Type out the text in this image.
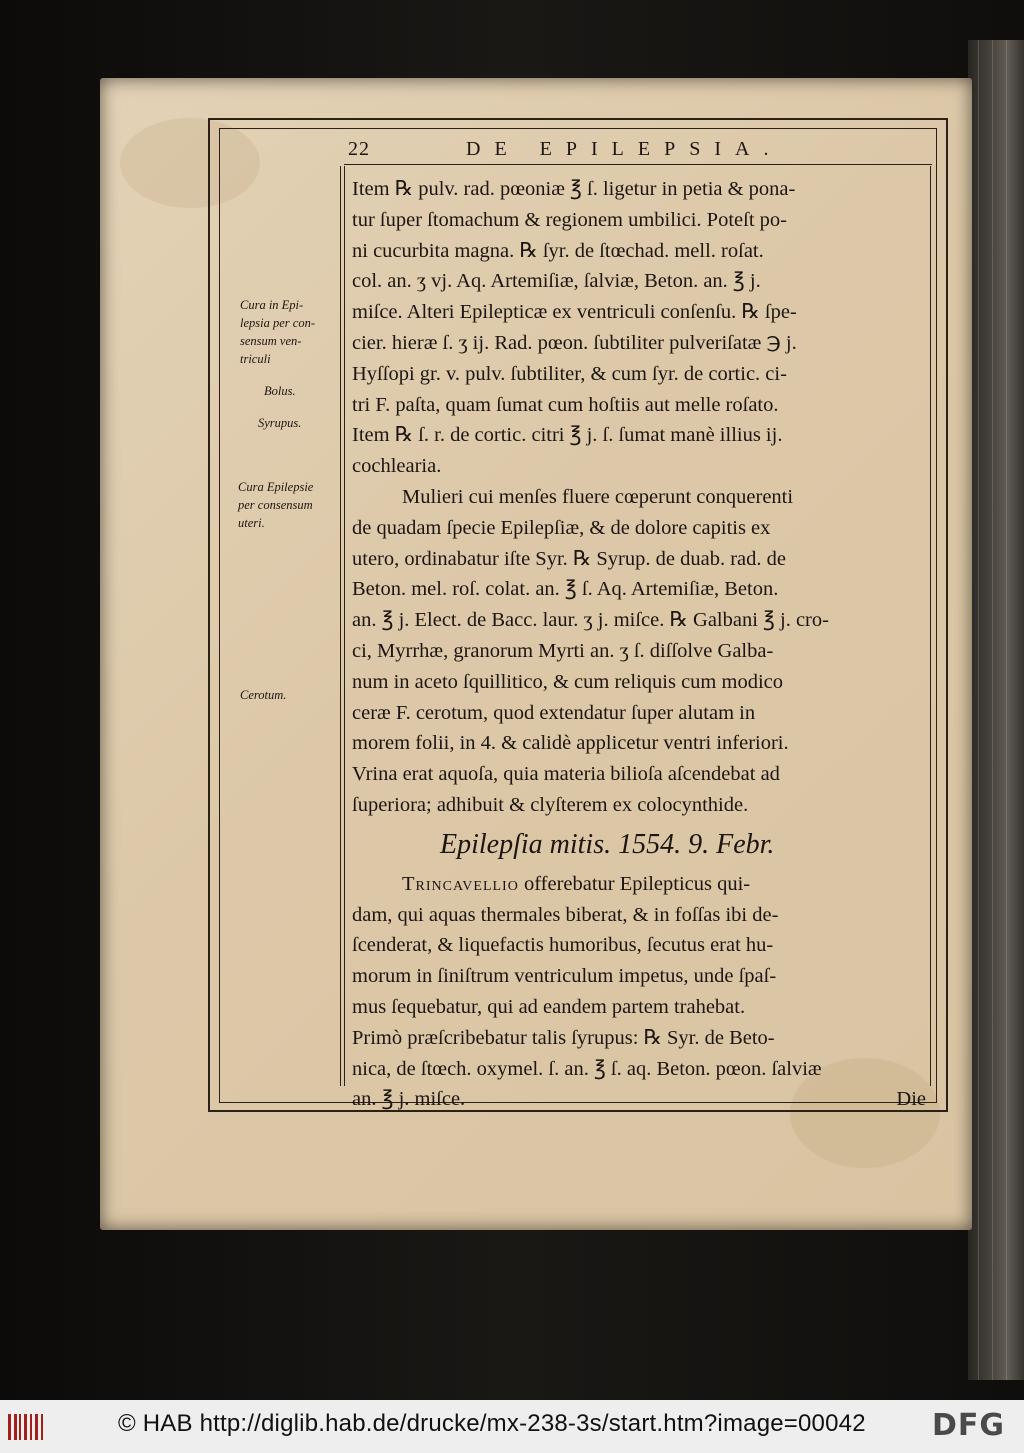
22	DE EPILEPSIA.
Cura in Epi-
lepsia per con-
sensum ven-
triculi
Bolus.
Syrupus.
Cura Epilepsie
per consensum
uteri.
Cerotum.
Item ℞ pulv. rad. pœoniæ ℥ ſ. ligetur in petia & pona-
tur ſuper ſtomachum & regionem umbilici. Poteſt po-
ni cucurbita magna. ℞ ſyr. de ſtœchad. mell. roſat.
col. an. ʒ vj. Aq. Artemiſiæ, ſalviæ, Beton. an. ℥ j.
miſce. Alteri Epilepticæ ex ventriculi conſenſu. ℞ ſpe-
cier. hieræ ſ. ʒ ij. Rad. pœon. ſubtiliter pulveriſatæ ℈ j.
Hyſſopi gr. v. pulv. ſubtiliter, & cum ſyr. de cortic. ci-
tri F. paſta, quam ſumat cum hoſtiis aut melle roſato.
Item ℞ ſ. r. de cortic. citri ℥ j. ſ. ſumat manè illius ij.
cochlearia.
Mulieri cui menſes fluere cœperunt conquerenti
de quadam ſpecie Epilepſiæ, & de dolore capitis ex
utero, ordinabatur iſte Syr. ℞ Syrup. de duab. rad. de
Beton. mel. roſ. colat. an. ℥ ſ. Aq. Artemiſiæ, Beton.
an. ℥ j. Elect. de Bacc. laur. ʒ j. miſce. ℞ Galbani ℥ j. cro-
ci, Myrrhæ, granorum Myrti an. ʒ ſ. diſſolve Galba-
num in aceto ſquillitico, & cum reliquis cum modico
ceræ F. cerotum, quod extendatur ſuper alutam in
morem folii, in 4. & calidè applicetur ventri inferiori.
Vrina erat aquoſa, quia materia bilioſa aſcendebat ad
ſuperiora; adhibuit & clyſterem ex colocynthide.
Epilepſia mitis. 1554. 9. Febr.
Trincavellio offerebatur Epilepticus qui-
dam, qui aquas thermales biberat, & in foſſas ibi de-
ſcenderat, & liquefactis humoribus, ſecutus erat hu-
morum in ſiniſtrum ventriculum impetus, unde ſpaſ-
mus ſequebatur, qui ad eandem partem trahebat.
Primò præſcribebatur talis ſyrupus: ℞ Syr. de Beto-
nica, de ſtœch. oxymel. ſ. an. ℥ ſ. aq. Beton. pœon. ſalviæ
an. ℥ j. miſce.	Die
© HAB http://diglib.hab.de/drucke/mx-238-3s/start.htm?image=00042 DFG
